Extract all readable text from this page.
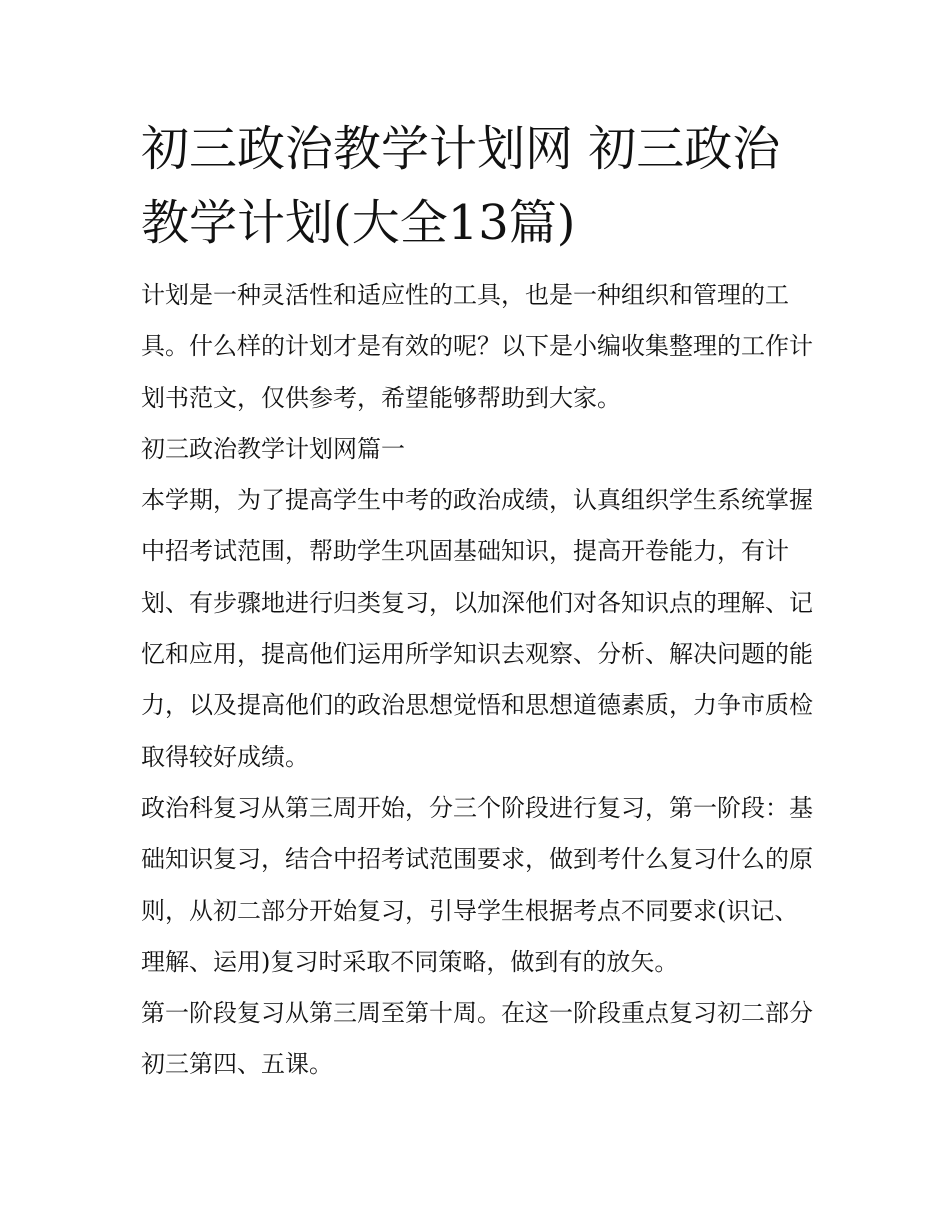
初三政治教学计划网 初三政治教学计划(大全13篇)

计划是一种灵活性和适应性的工具，也是一种组织和管理的工具。什么样的计划才是有效的呢？以下是小编收集整理的工作计划书范文，仅供参考，希望能够帮助到大家。

初三政治教学计划网篇一

本学期，为了提高学生中考的政治成绩，认真组织学生系统掌握中招考试范围，帮助学生巩固基础知识，提高开卷能力，有计划、有步骤地进行归类复习，以加深他们对各知识点的理解、记忆和应用，提高他们运用所学知识去观察、分析、解决问题的能力，以及提高他们的政治思想觉悟和思想道德素质，力争市质检取得较好成绩。

政治科复习从第三周开始，分三个阶段进行复习，第一阶段：基础知识复习，结合中招考试范围要求，做到考什么复习什么的原则，从初二部分开始复习，引导学生根据考点不同要求(识记、理解、运用)复习时采取不同策略，做到有的放矢。

第一阶段复习从第三周至第十周。在这一阶段重点复习初二部分初三第四、五课。
